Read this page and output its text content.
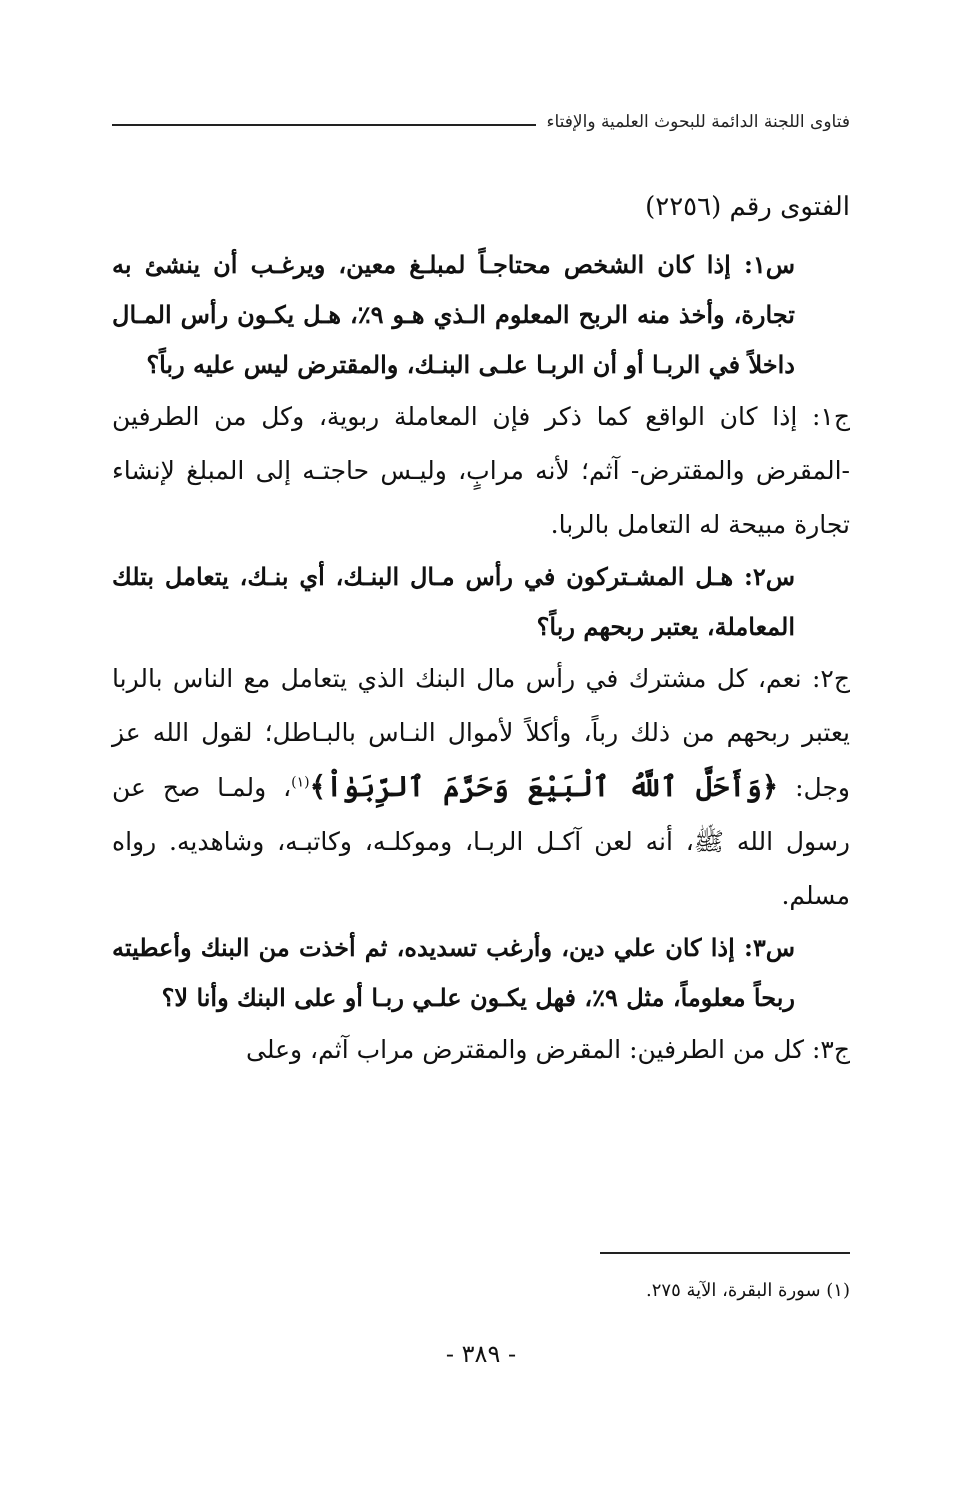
فتاوى اللجنة الدائمة للبحوث العلمية والإفتاء

الفتوى رقم (٢٢٥٦)

س١: إذا كان الشخص محتاجـاً لمبلـغ معين، ويرغـب أن ينشئ به تجارة، وأخذ منه الربح المعلوم الـذي هـو ٩٪، هـل يكـون رأس المـال داخلاً في الربـا أو أن الربـا علـى البنـك، والمقترض ليس عليه رباً؟

ج١: إذا كان الواقع كما ذكر فإن المعاملة ربوية، وكل من الطرفين -المقرض والمقترض- آثم؛ لأنه مرابٍ، وليـس حاجتـه إلى المبلغ لإنشاء تجارة مبيحة له التعامل بالربا.

س٢: هـل المشـتركون في رأس مـال البنـك، أي بنـك، يتعامل بتلك المعاملة، يعتبر ربحهم رباً؟

ج٢: نعم، كل مشترك في رأس مال البنك الذي يتعامل مع الناس بالربا يعتبر ربحهم من ذلك رباً، وأكلاً لأموال النـاس بالبـاطل؛ لقول الله عز وجل: ﴿وَأَحَلَّ ٱللَّهُ ٱلْبَيْعَ وَحَرَّمَ ٱلرِّبَوٰاْ﴾$^{(١)}$، ولمـا صح عن رسول الله ﷺ، أنه لعن آكـل الربـا، وموكلـه، وكاتبـه، وشاهديه. رواه مسلم.

س٣: إذا كان علي دين، وأرغب تسديده، ثم أخذت من البنك وأعطيته ربحاً معلوماً، مثل ٩٪، فهل يكـون علـي ربـا أو على البنك وأنا لا؟

ج٣: كل من الطرفين: المقرض والمقترض مراب آثم، وعلى

(١) سورة البقرة، الآية ٢٧٥.
- ٣٨٩ -
